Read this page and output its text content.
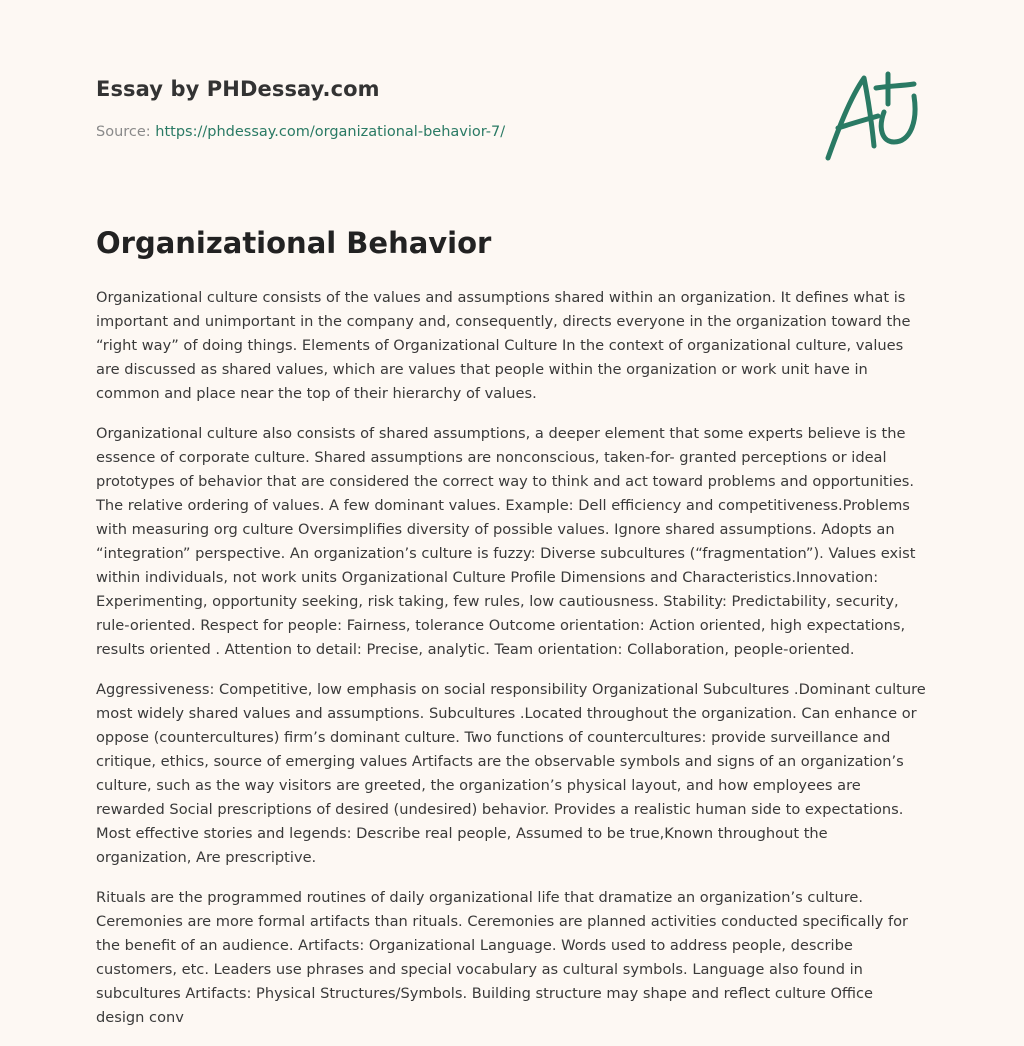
Essay by PHDessay.com
Source: https://phdessay.com/organizational-behavior-7/
Organizational Behavior

Organizational culture consists of the values and assumptions shared within an organization. It defines what is important and unimportant in the company and, consequently, directs everyone in the organization toward the “right way” of doing things. Elements of Organizational Culture In the context of organizational culture, values are discussed as shared values, which are values that people within the organization or work unit have in common and place near the top of their hierarchy of values.

Organizational culture also consists of shared assumptions, a deeper element that some experts believe is the essence of corporate culture. Shared assumptions are nonconscious, taken-for- granted perceptions or ideal prototypes of behavior that are considered the correct way to think and act toward problems and opportunities. The relative ordering of values. A few dominant values. Example: Dell efficiency and competitiveness.Problems with measuring org culture Oversimplifies diversity of possible values. Ignore shared assumptions. Adopts an “integration” perspective. An organization’s culture is fuzzy: Diverse subcultures (“fragmentation”). Values exist within individuals, not work units Organizational Culture Profile Dimensions and Characteristics.Innovation: Experimenting, opportunity seeking, risk taking, few rules, low cautiousness. Stability: Predictability, security, rule-oriented. Respect for people: Fairness, tolerance Outcome orientation: Action oriented, high expectations, results oriented . Attention to detail: Precise, analytic. Team orientation: Collaboration, people-oriented.

Aggressiveness: Competitive, low emphasis on social responsibility Organizational Subcultures .Dominant culture most widely shared values and assumptions. Subcultures .Located throughout the organization. Can enhance or oppose (countercultures) firm’s dominant culture. Two functions of countercultures: provide surveillance and critique, ethics, source of emerging values Artifacts are the observable symbols and signs of an organization’s culture, such as the way visitors are greeted, the organization’s physical layout, and how employees are rewarded Social prescriptions of desired (undesired) behavior. Provides a realistic human side to expectations. Most effective stories and legends: Describe real people, Assumed to be true,Known throughout the organization, Are prescriptive.

Rituals are the programmed routines of daily organizational life that dramatize an organization’s culture. Ceremonies are more formal artifacts than rituals. Ceremonies are planned activities conducted specifically for the benefit of an audience. Artifacts: Organizational Language. Words used to address people, describe customers, etc. Leaders use phrases and special vocabulary as cultural symbols. Language also found in subcultures Artifacts: Physical Structures/Symbols. Building structure may shape and reflect culture Office design conv
